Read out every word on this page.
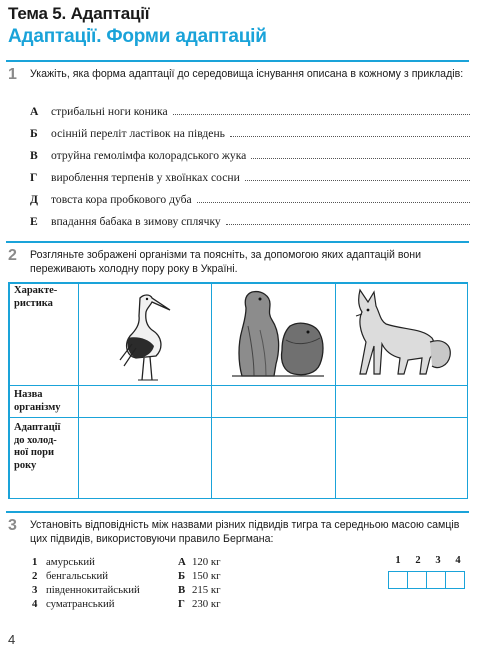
Тема 5. Адаптації
Адаптації. Форми адаптацій
1 Укажіть, яка форма адаптації до середовища існування описана в кожному з прикладів:
А	стрибальні ноги коника
Б	осінній переліт ластівок на південь
В	отруйна гемолімфа колорадського жука
Г	вироблення терпенів у хвоїнках сосни
Д	товста кора пробкового дуба
Е	впадання бабака в зимову сплячку
2 Розгляньте зображені організми та поясніть, за допомогою яких адаптацій вони переживають холодну пору року в Україні.
Характе-
ристика
Назва
організму
Адаптації
до холод-
ної пори
року
3 Установіть відповідність між назвами різних підвидів тигра та середньою масою самців цих підвидів, використовуючи правило Бергмана:
1 амурський
2 бенгальський
3 південнокитайський
4 суматранський
А 120 кг
Б 150 кг
В 215 кг
Г 230 кг
1	2	3	4
4
